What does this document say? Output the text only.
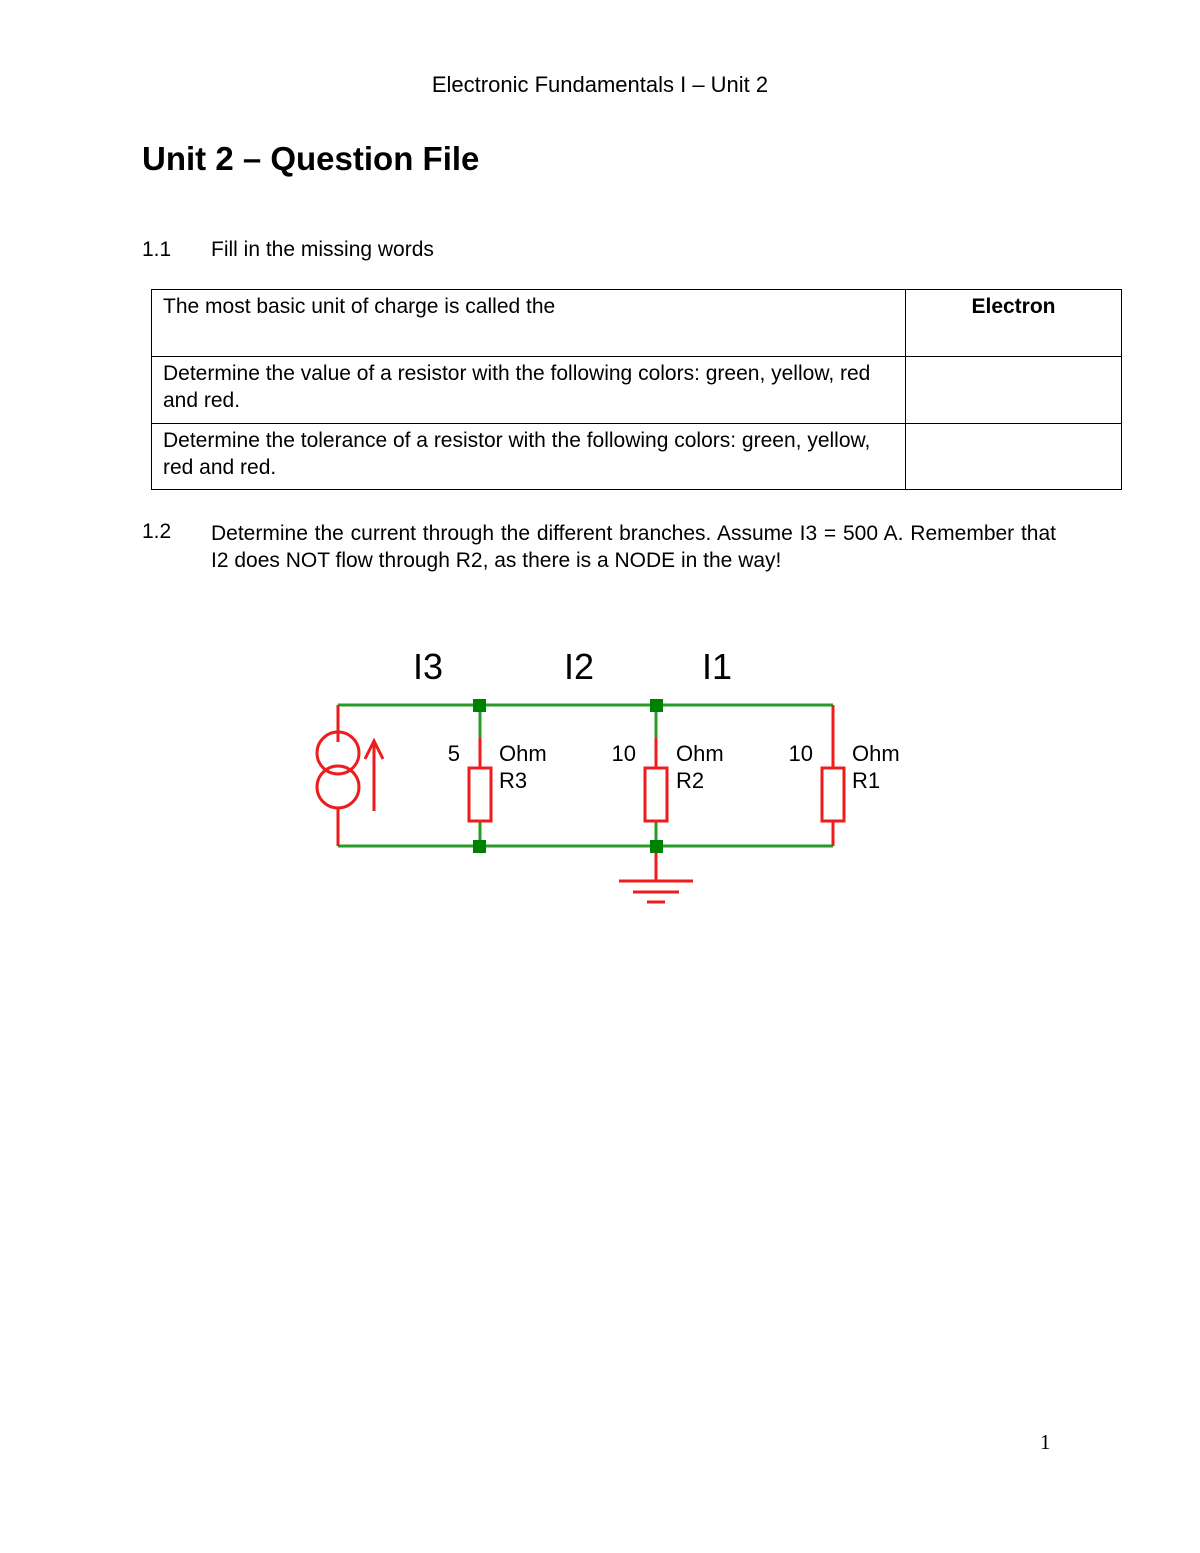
Electronic Fundamentals I – Unit 2
Unit 2 – Question File
1.1 Fill in the missing words
The most basic unit of charge is called the	Electron
Determine the value of a resistor with the following colors: green, yellow, red and red.	
Determine the tolerance of a resistor with the following colors: green, yellow, red and red.	
1.2 Determine the current through the different branches. Assume I3 = 500 A. Remember that I2 does NOT flow through R2, as there is a NODE in the way!
I3	I2	I1
5 Ohm
R3
10 Ohm
R2
10 Ohm
R1
1
